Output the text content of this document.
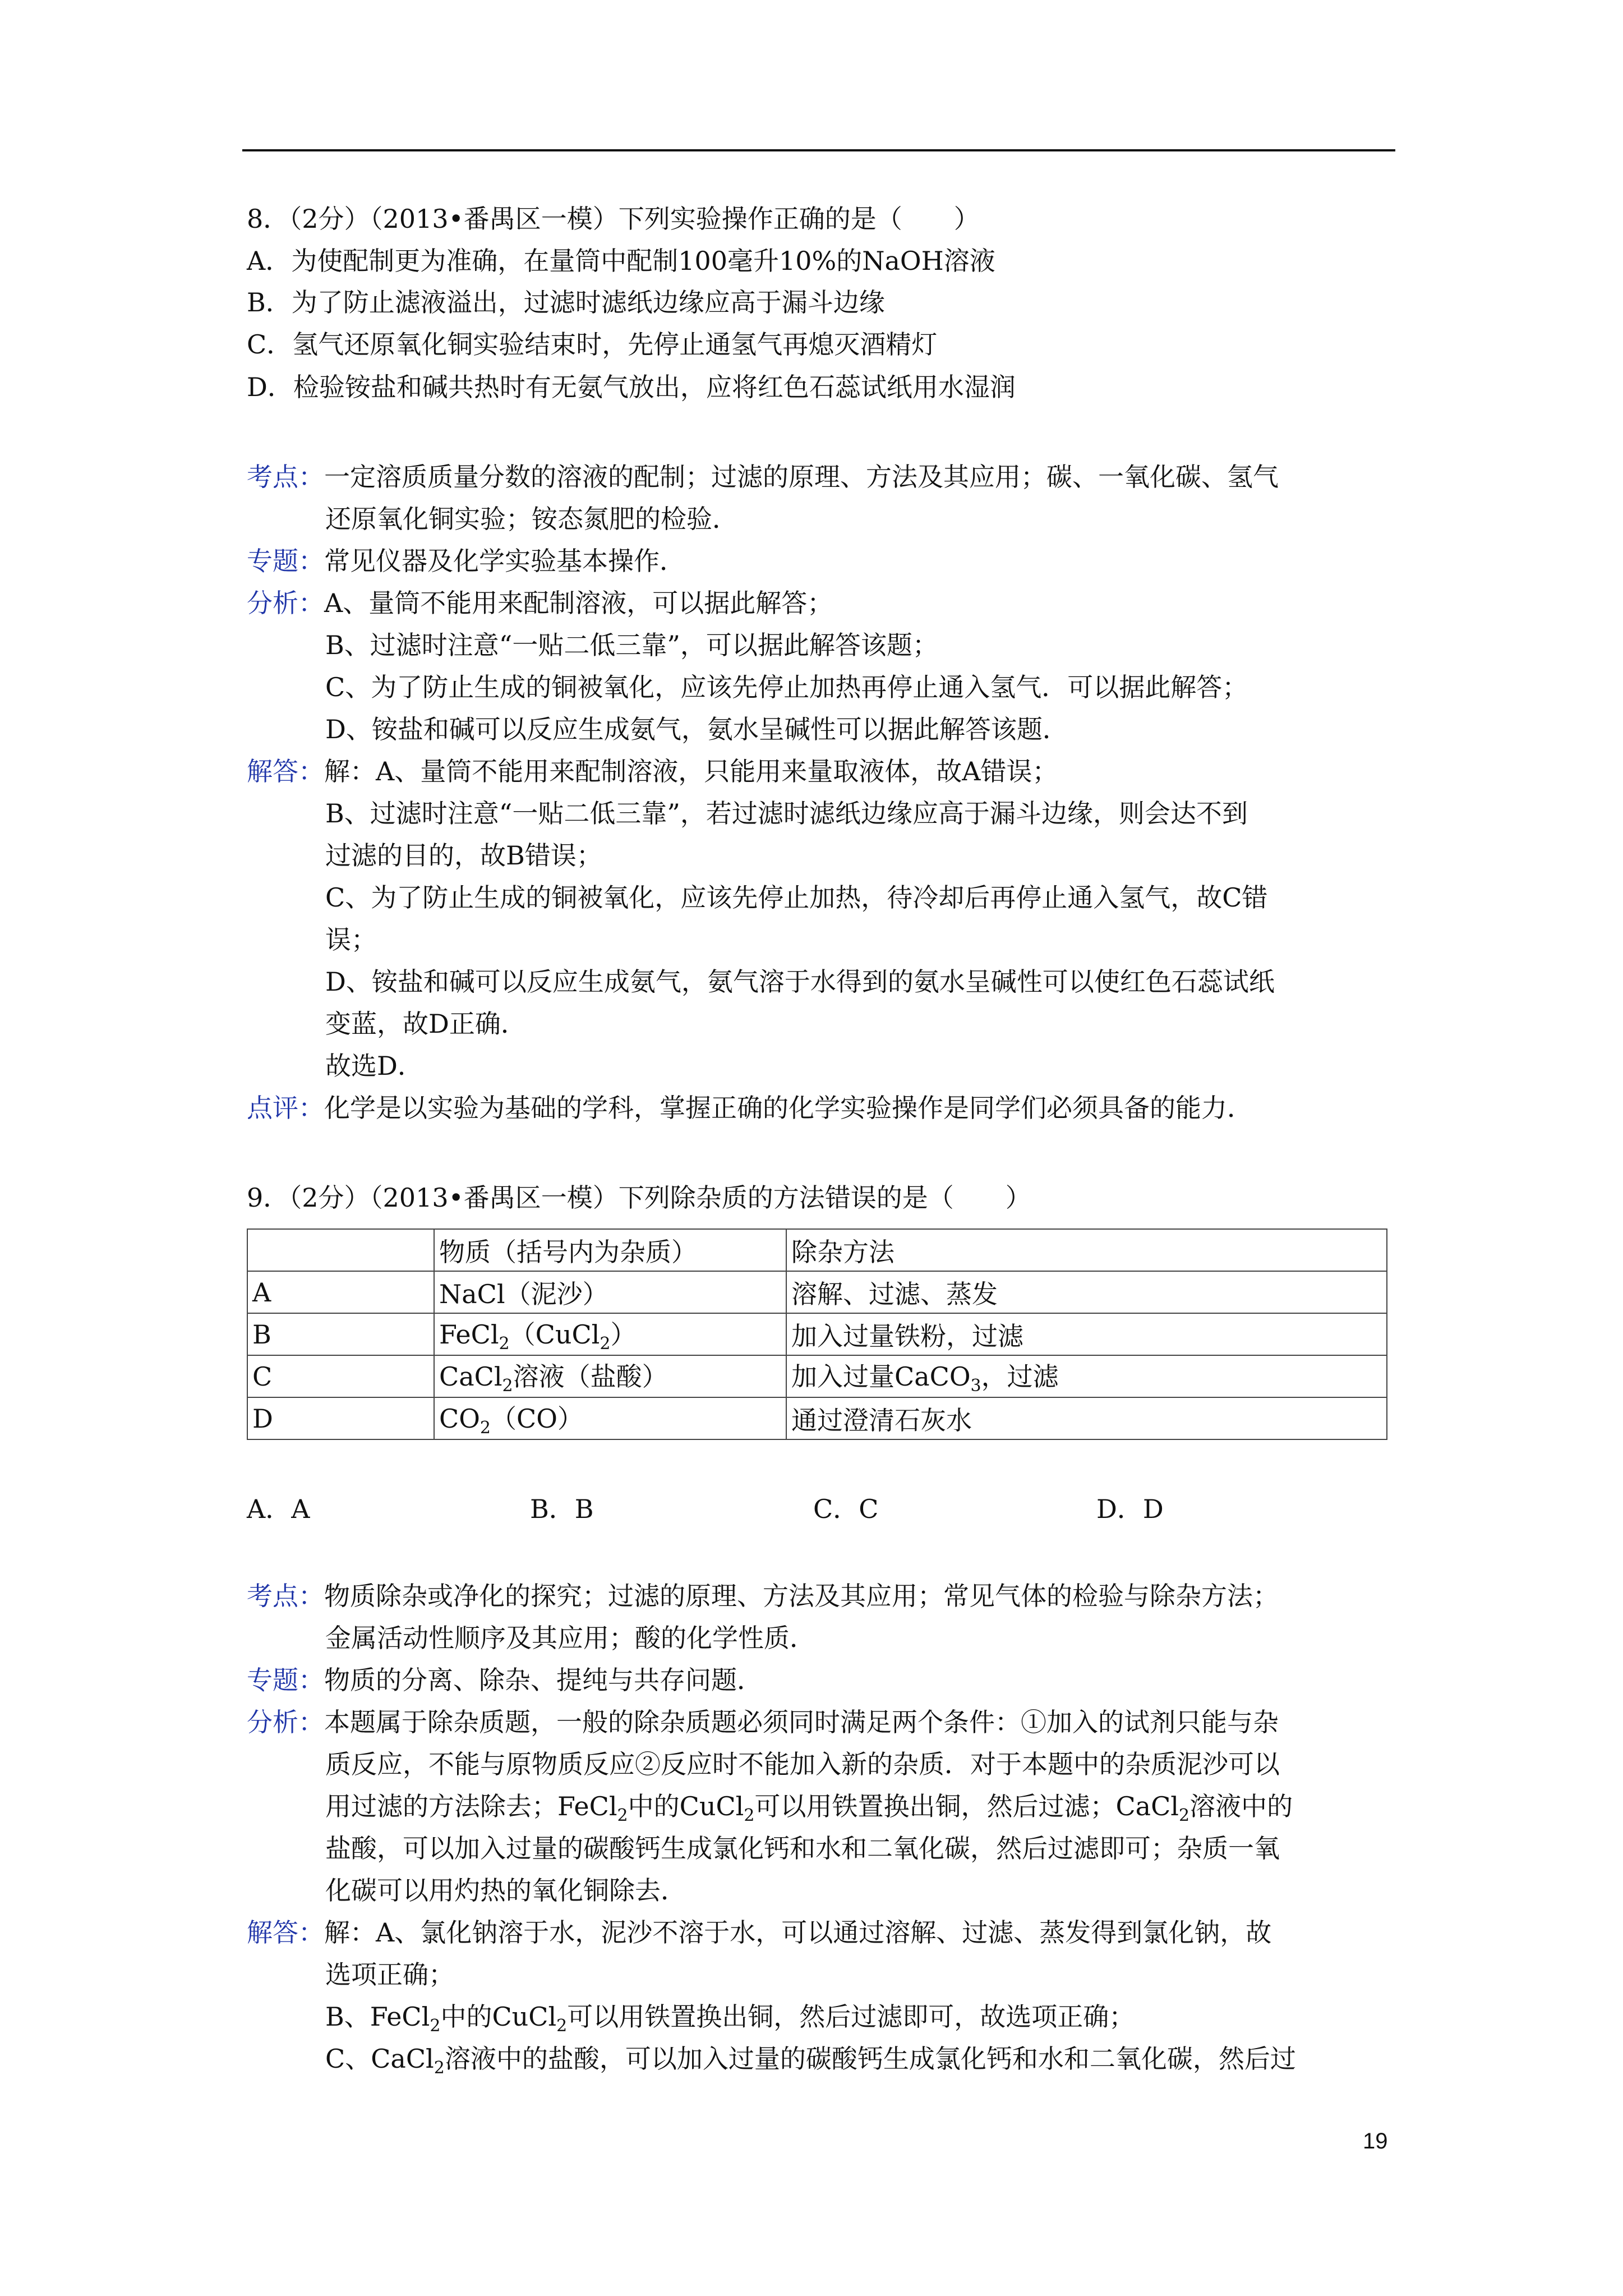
8．（2分）（2013•番禺区一模）下列实验操作正确的是（　　）
A．为使配制更为准确，在量筒中配制100毫升10%的NaOH溶液
B．为了防止滤液溢出，过滤时滤纸边缘应高于漏斗边缘
C．氢气还原氧化铜实验结束时，先停止通氢气再熄灭酒精灯
D．检验铵盐和碱共热时有无氨气放出，应将红色石蕊试纸用水湿润
考点：一定溶质质量分数的溶液的配制；过滤的原理、方法及其应用；碳、一氧化碳、氢气
还原氧化铜实验；铵态氮肥的检验．
专题：常见仪器及化学实验基本操作．
分析：A、量筒不能用来配制溶液，可以据此解答；
B、过滤时注意“一贴二低三靠”，可以据此解答该题；
C、为了防止生成的铜被氧化，应该先停止加热再停止通入氢气．可以据此解答；
D、铵盐和碱可以反应生成氨气，氨水呈碱性可以据此解答该题．
解答：解：A、量筒不能用来配制溶液，只能用来量取液体，故A错误；
B、过滤时注意“一贴二低三靠”，若过滤时滤纸边缘应高于漏斗边缘，则会达不到
过滤的目的，故B错误；
C、为了防止生成的铜被氧化，应该先停止加热，待冷却后再停止通入氢气，故C错
误；
D、铵盐和碱可以反应生成氨气，氨气溶于水得到的氨水呈碱性可以使红色石蕊试纸
变蓝，故D正确．
故选D．
点评：化学是以实验为基础的学科，掌握正确的化学实验操作是同学们必须具备的能力．
9．（2分）（2013•番禺区一模）下列除杂质的方法错误的是（　　）
	物质（括号内为杂质）	除杂方法
A	NaCl（泥沙）	溶解、过滤、蒸发
B	FeCl$_2$（CuCl$_2$）	加入过量铁粉，过滤
C	CaCl$_2$溶液（盐酸）	加入过量CaCO$_3$，过滤
D	$CO_2(CO)$	通过澄清石灰水
A．A	B．B	C．C	D．D
考点：物质除杂或净化的探究；过滤的原理、方法及其应用；常见气体的检验与除杂方法；
金属活动性顺序及其应用；酸的化学性质．
专题：物质的分离、除杂、提纯与共存问题．
分析：本题属于除杂质题，一般的除杂质题必须同时满足两个条件：①加入的试剂只能与杂
质反应，不能与原物质反应②反应时不能加入新的杂质．对于本题中的杂质泥沙可以
用过滤的方法除去；FeCl$_2$中的CuCl$_2$可以用铁置换出铜，然后过滤；CaCl$_2$溶液中的
盐酸，可以加入过量的碳酸钙生成氯化钙和水和二氧化碳，然后过滤即可；杂质一氧
化碳可以用灼热的氧化铜除去．
解答：解：A、氯化钠溶于水，泥沙不溶于水，可以通过溶解、过滤、蒸发得到氯化钠，故
选项正确；
B、FeCl$_2$中的CuCl$_2$可以用铁置换出铜，然后过滤即可，故选项正确；
C、CaCl$_2$溶液中的盐酸，可以加入过量的碳酸钙生成氯化钙和水和二氧化碳，然后过
19
